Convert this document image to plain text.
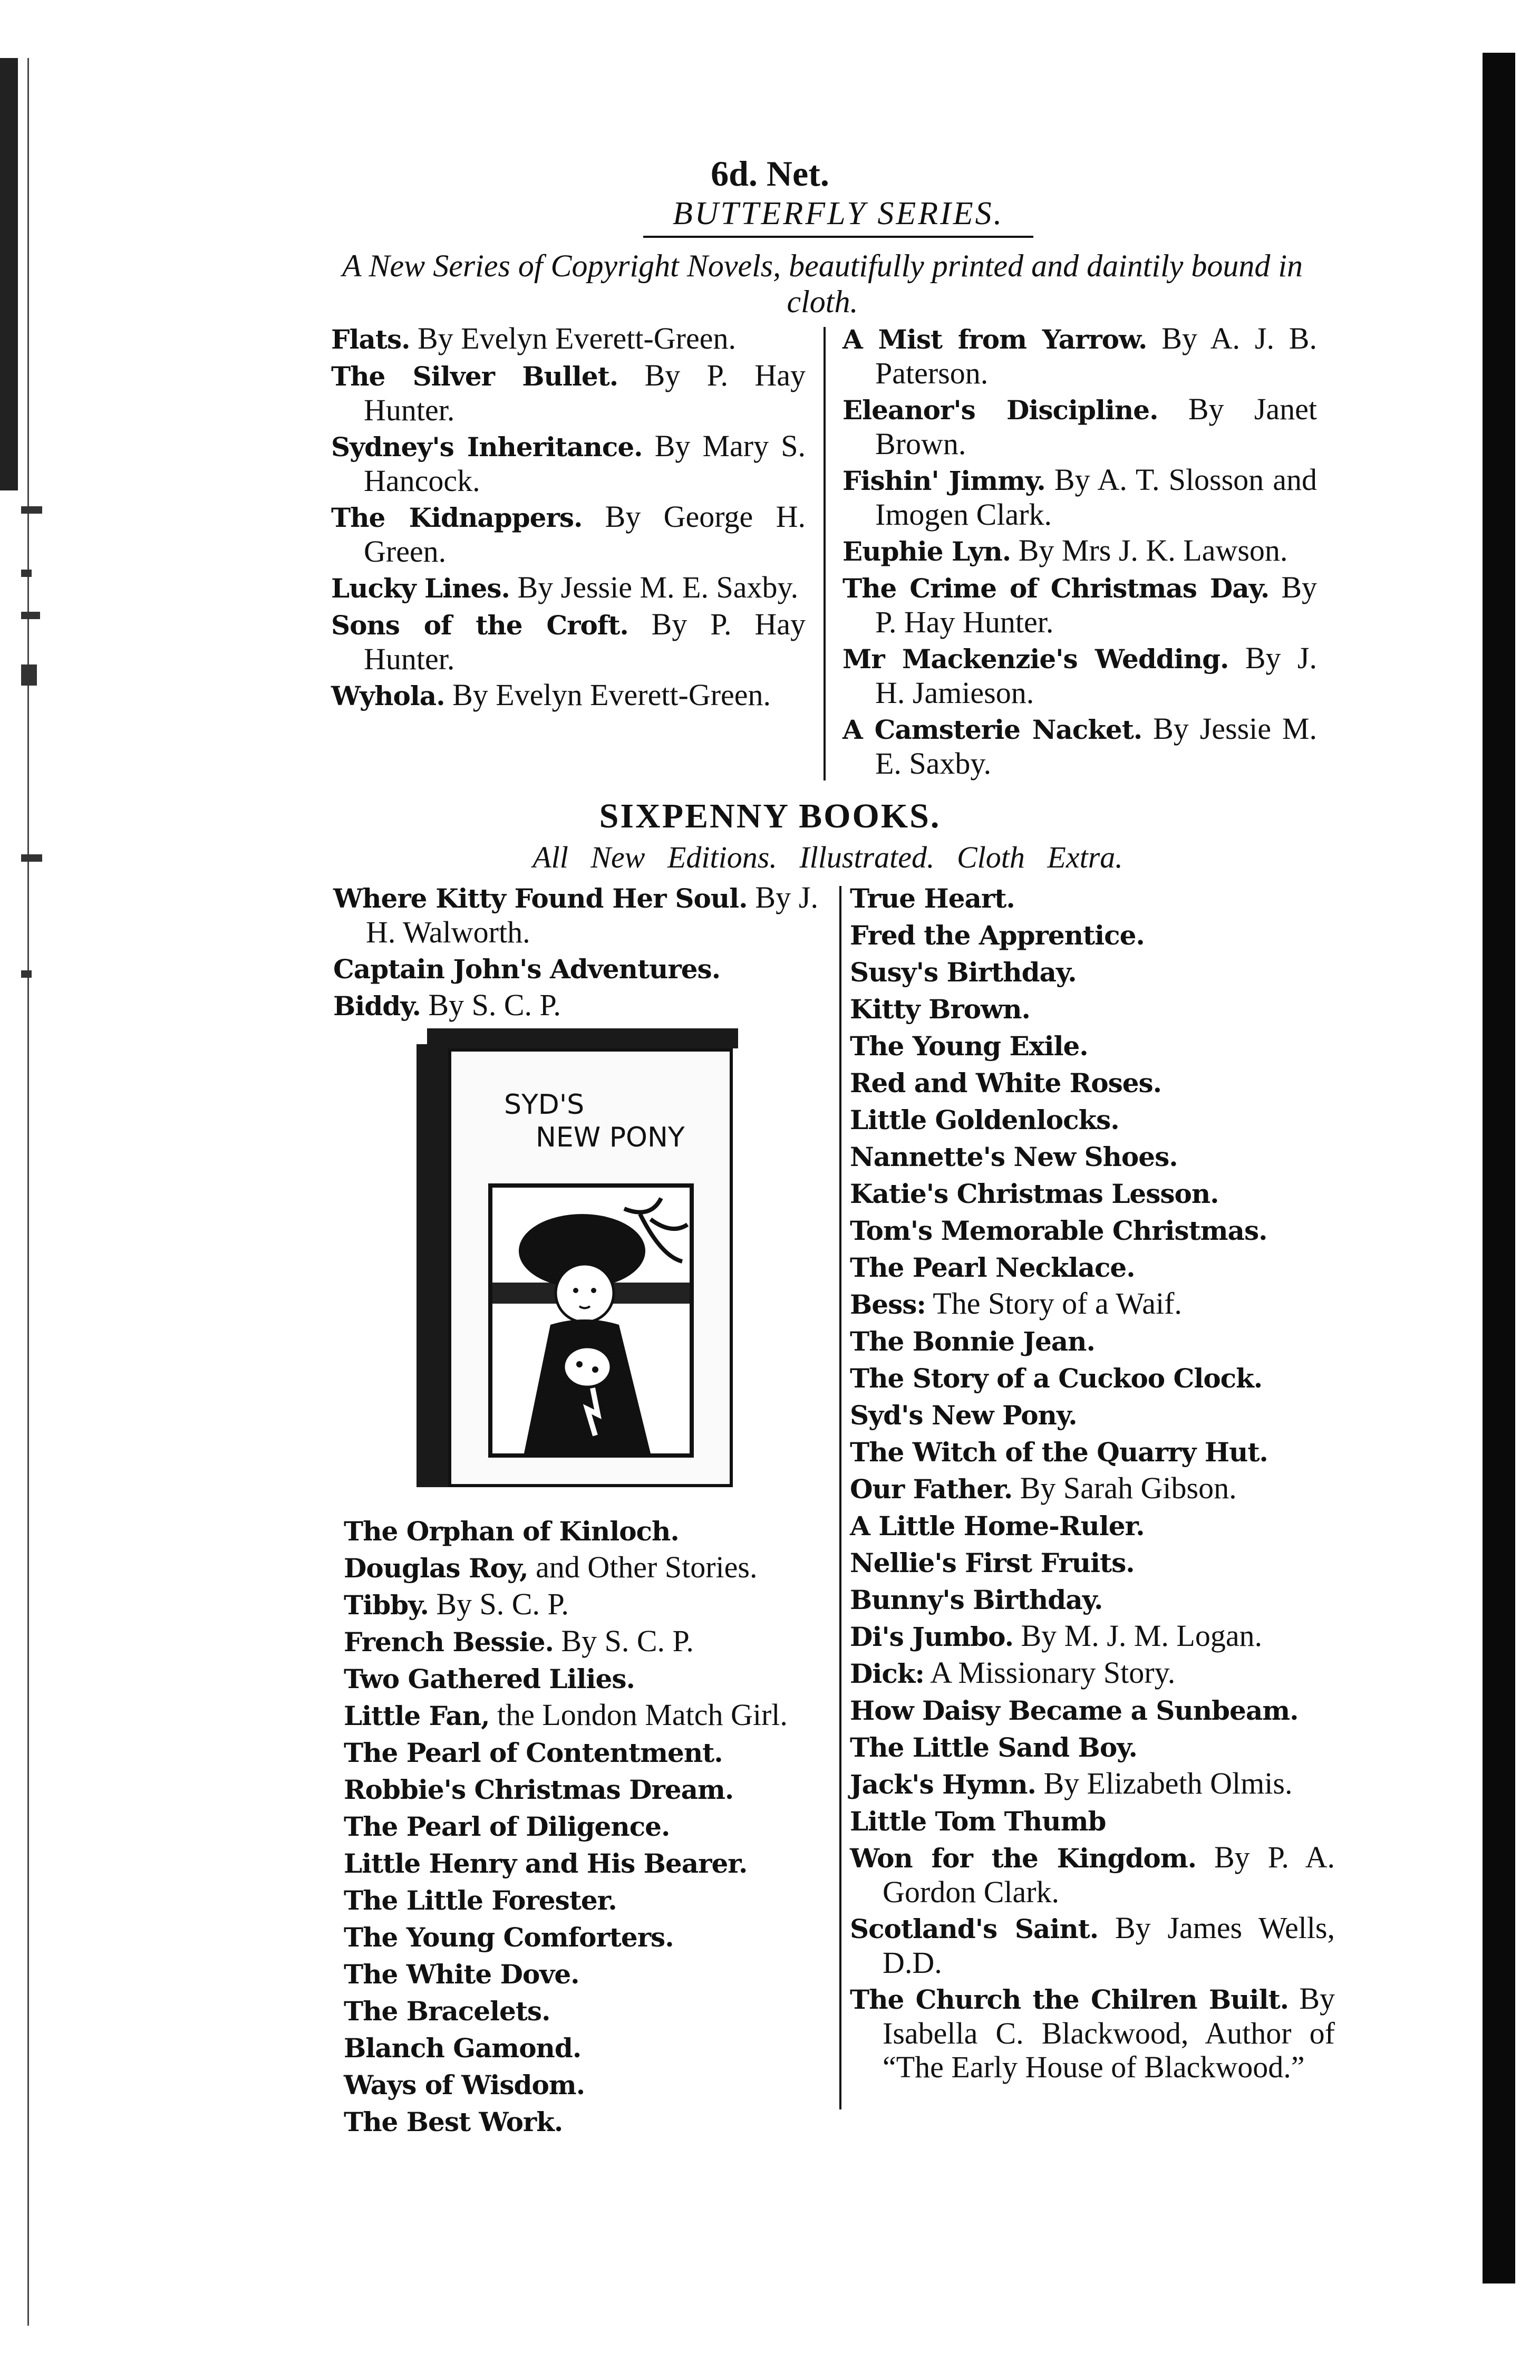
6d. Net.
BUTTERFLY SERIES.
A New Series of Copyright Novels, beautifully printed and daintily bound in cloth.
Flats. By Evelyn Everett-Green.
The Silver Bullet. By P. Hay Hunter.
Sydney's Inheritance. By Mary S. Hancock.
The Kidnappers. By George H. Green.
Lucky Lines. By Jessie M. E. Saxby.
Sons of the Croft. By P. Hay Hunter.
Wyhola. By Evelyn Everett-Green.
A Mist from Yarrow. By A. J. B. Paterson.
Eleanor's Discipline. By Janet Brown.
Fishin' Jimmy. By A. T. Slosson and Imogen Clark.
Euphie Lyn. By Mrs J. K. Lawson.
The Crime of Christmas Day. By P. Hay Hunter.
Mr Mackenzie's Wedding. By J. H. Jamieson.
A Camsterie Nacket. By Jessie M. E. Saxby.
SIXPENNY BOOKS.
All New Editions. Illustrated. Cloth Extra.
Where Kitty Found Her Soul. By J. H. Walworth.
Captain John's Adventures.
Biddy. By S. C. P.
SYD'S
NEW PONY
The Orphan of Kinloch.
Douglas Roy, and Other Stories.
Tibby. By S. C. P.
French Bessie. By S. C. P.
Two Gathered Lilies.
Little Fan, the London Match Girl.
The Pearl of Contentment.
Robbie's Christmas Dream.
The Pearl of Diligence.
Little Henry and His Bearer.
The Little Forester.
The Young Comforters.
The White Dove.
The Bracelets.
Blanch Gamond.
Ways of Wisdom.
The Best Work.
True Heart.
Fred the Apprentice.
Susy's Birthday.
Kitty Brown.
The Young Exile.
Red and White Roses.
Little Goldenlocks.
Nannette's New Shoes.
Katie's Christmas Lesson.
Tom's Memorable Christmas.
The Pearl Necklace.
Bess: The Story of a Waif.
The Bonnie Jean.
The Story of a Cuckoo Clock.
Syd's New Pony.
The Witch of the Quarry Hut.
Our Father. By Sarah Gibson.
A Little Home-Ruler.
Nellie's First Fruits.
Bunny's Birthday.
Di's Jumbo. By M. J. M. Logan.
Dick: A Missionary Story.
How Daisy Became a Sunbeam.
The Little Sand Boy.
Jack's Hymn. By Elizabeth Olmis.
Little Tom Thumb
Won for the Kingdom. By P. A. Gordon Clark.
Scotland's Saint. By James Wells, D.D.
The Church the Chilren Built. By Isabella C. Blackwood, Author of “The Early House of Blackwood.”
